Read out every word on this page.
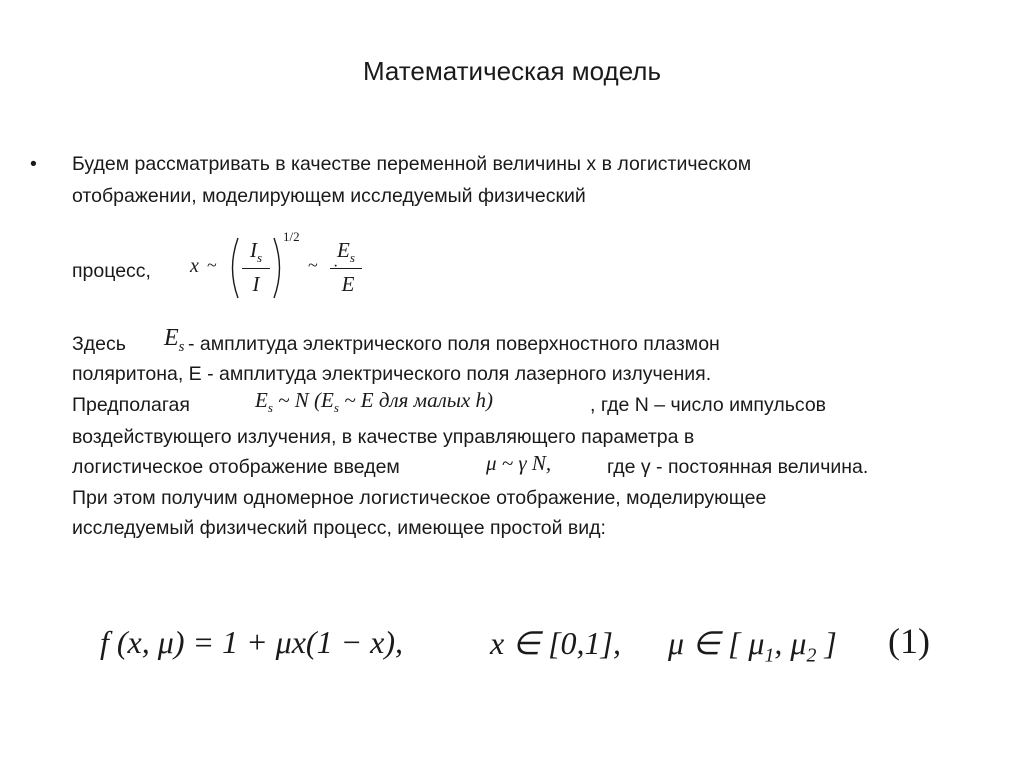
Математическая модель
• Будем рассматривать в качестве переменной величины х в логистическом
отображении, моделирующем исследуемый физический
процесс, x ~
$I_s$
I
1/2
~
$E_s$
·
E
Здесь $E_s$ - амплитуда электрического поля поверхностного плазмон
поляритона, Е - амплитуда электрического поля лазерного излучения.
Предполагая	$E_s$ ~ N ($E_s$ ~ E для малых h)	, где N – число импульсов
воздействующего излучения, в качестве управляющего параметра в
логистическое отображение введем	μ ~ γ N,	где γ - постоянная величина.
При этом получим одномерное логистическое отображение, моделирующее
исследуемый физический процесс, имеющее простой вид:
f (x, μ) = 1 + μx(1 − x),	x ∈ [0,1], μ ∈ [ $\mu_1$, $\mu_2$ ] (1)
